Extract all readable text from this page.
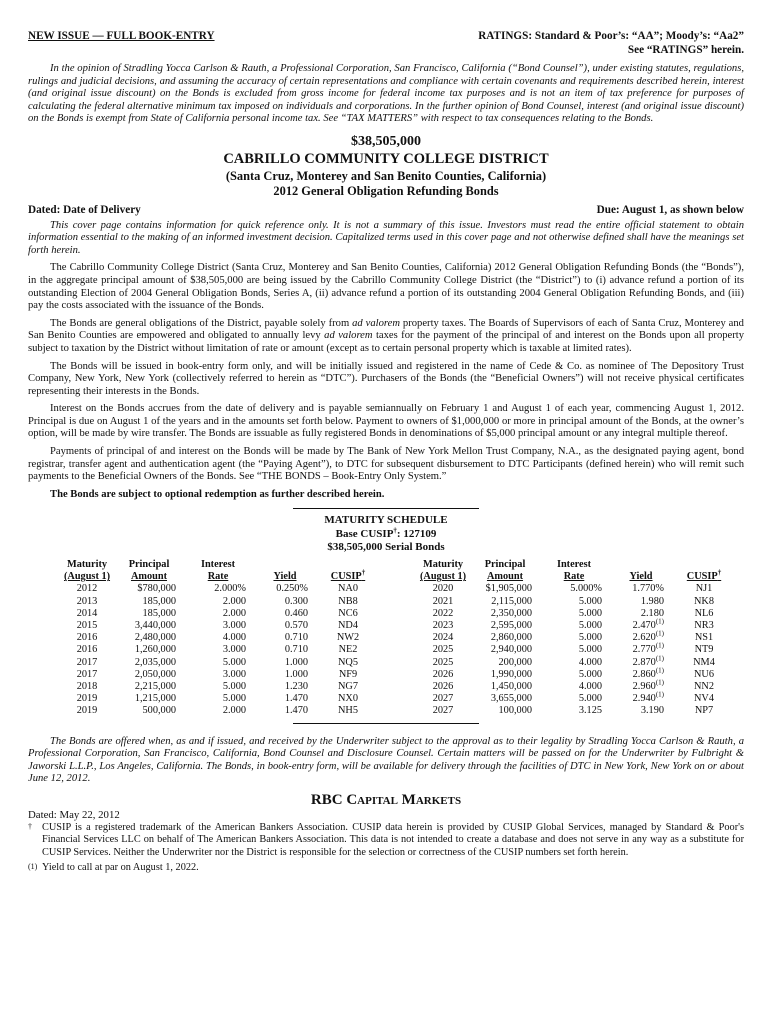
NEW ISSUE — FULL BOOK-ENTRY	RATINGS: Standard & Poor’s: “AA”; Moody’s: “Aa2”
See “RATINGS” herein.
In the opinion of Stradling Yocca Carlson & Rauth, a Professional Corporation, San Francisco, California (“Bond Counsel”), under existing statutes, regulations, rulings and judicial decisions, and assuming the accuracy of certain representations and compliance with certain covenants and requirements described herein, interest (and original issue discount) on the Bonds is excluded from gross income for federal income tax purposes and is not an item of tax preference for purposes of calculating the federal alternative minimum tax imposed on individuals and corporations. In the further opinion of Bond Counsel, interest (and original issue discount) on the Bonds is exempt from State of California personal income tax. See “TAX MATTERS” with respect to tax consequences relating to the Bonds.
$38,505,000
CABRILLO COMMUNITY COLLEGE DISTRICT
(Santa Cruz, Monterey and San Benito Counties, California)
2012 General Obligation Refunding Bonds
Dated: Date of Delivery	Due: August 1, as shown below
This cover page contains information for quick reference only. It is not a summary of this issue. Investors must read the entire official statement to obtain information essential to the making of an informed investment decision. Capitalized terms used in this cover page and not otherwise defined shall have the meanings set forth herein.
The Cabrillo Community College District (Santa Cruz, Monterey and San Benito Counties, California) 2012 General Obligation Refunding Bonds (the “Bonds”), in the aggregate principal amount of $38,505,000 are being issued by the Cabrillo Community College District (the “District”) to (i) advance refund a portion of its outstanding Election of 2004 General Obligation Bonds, Series A, (ii) advance refund a portion of its outstanding 2004 General Obligation Refunding Bonds, and (iii) pay the costs associated with the issuance of the Bonds.
The Bonds are general obligations of the District, payable solely from ad valorem property taxes. The Boards of Supervisors of each of Santa Cruz, Monterey and San Benito Counties are empowered and obligated to annually levy ad valorem taxes for the payment of the principal of and interest on the Bonds upon all property subject to taxation by the District without limitation of rate or amount (except as to certain personal property which is taxable at limited rates).
The Bonds will be issued in book-entry form only, and will be initially issued and registered in the name of Cede & Co. as nominee of The Depository Trust Company, New York, New York (collectively referred to herein as “DTC”). Purchasers of the Bonds (the “Beneficial Owners”) will not receive physical certificates representing their interests in the Bonds.
Interest on the Bonds accrues from the date of delivery and is payable semiannually on February 1 and August 1 of each year, commencing August 1, 2012. Principal is due on August 1 of the years and in the amounts set forth below. Payment to owners of $1,000,000 or more in principal amount of the Bonds, at the owner’s option, will be made by wire transfer. The Bonds are issuable as fully registered Bonds in denominations of $5,000 principal amount or any integral multiple thereof.
Payments of principal of and interest on the Bonds will be made by The Bank of New York Mellon Trust Company, N.A., as the designated paying agent, bond registrar, transfer agent and authentication agent (the “Paying Agent”), to DTC for subsequent disbursement to DTC Participants (defined herein) who will remit such payments to the Beneficial Owners of the Bonds. See “THE BONDS – Book-Entry Only System.”
The Bonds are subject to optional redemption as further described herein.
MATURITY SCHEDULE
Base CUSIP†: 127109
$38,505,000 Serial Bonds
Maturity
(August 1)
2012
2013
2014
2015
2016
2016
2017
2017
2018
2019
2019
Principal
Amount
$780,000
185,000
185,000
3,440,000
2,480,000
1,260,000
2,035,000
2,050,000
2,215,000
1,215,000
500,000
Interest
Rate
2.000%
2.000
2.000
3.000
4.000
3.000
5.000
3.000
5.000
5.000
2.000
Yield
0.250%
0.300
0.460
0.570
0.710
0.710
1.000
1.000
1.230
1.470
1.470
CUSIP†
NA0
NB8
NC6
ND4
NW2
NE2
NQ5
NF9
NG7
NX0
NH5
Maturity
(August 1)
2020
2021
2022
2023
2024
2025
2025
2026
2026
2027
2027
Principal
Amount
$1,905,000
2,115,000
2,350,000
2,595,000
2,860,000
2,940,000
200,000
1,990,000
1,450,000
3,655,000
100,000
Interest
Rate
5.000%
5.000
5.000
5.000
5.000
5.000
4.000
5.000
4.000
5.000
3.125
Yield
1.770%
1.980
2.180
2.470$^{(1)}$
2.620$^{(1)}$
2.770$^{(1)}$
2.870$^{(1)}$
2.860$^{(1)}$
2.960$^{(1)}$
2.940$^{(1)}$
3.190
CUSIP†
NJ1
NK8
NL6
NR3
NS1
NT9
NM4
NU6
NN2
NV4
NP7
The Bonds are offered when, as and if issued, and received by the Underwriter subject to the approval as to their legality by Stradling Yocca Carlson & Rauth, a Professional Corporation, San Francisco, California, Bond Counsel and Disclosure Counsel. Certain matters will be passed on for the Underwriter by Fulbright & Jaworski L.L.P., Los Angeles, California. The Bonds, in book-entry form, will be available for delivery through the facilities of DTC in New York, New York on or about June 12, 2012.
RBC Capital Markets
Dated: May 22, 2012
† CUSIP is a registered trademark of the American Bankers Association. CUSIP data herein is provided by CUSIP Global Services, managed by Standard & Poor's Financial Services LLC on behalf of The American Bankers Association. This data is not intended to create a database and does not serve in any way as a substitute for CUSIP Services. Neither the Underwriter nor the District is responsible for the selection or correctness of the CUSIP numbers set forth herein.
(1) Yield to call at par on August 1, 2022.
